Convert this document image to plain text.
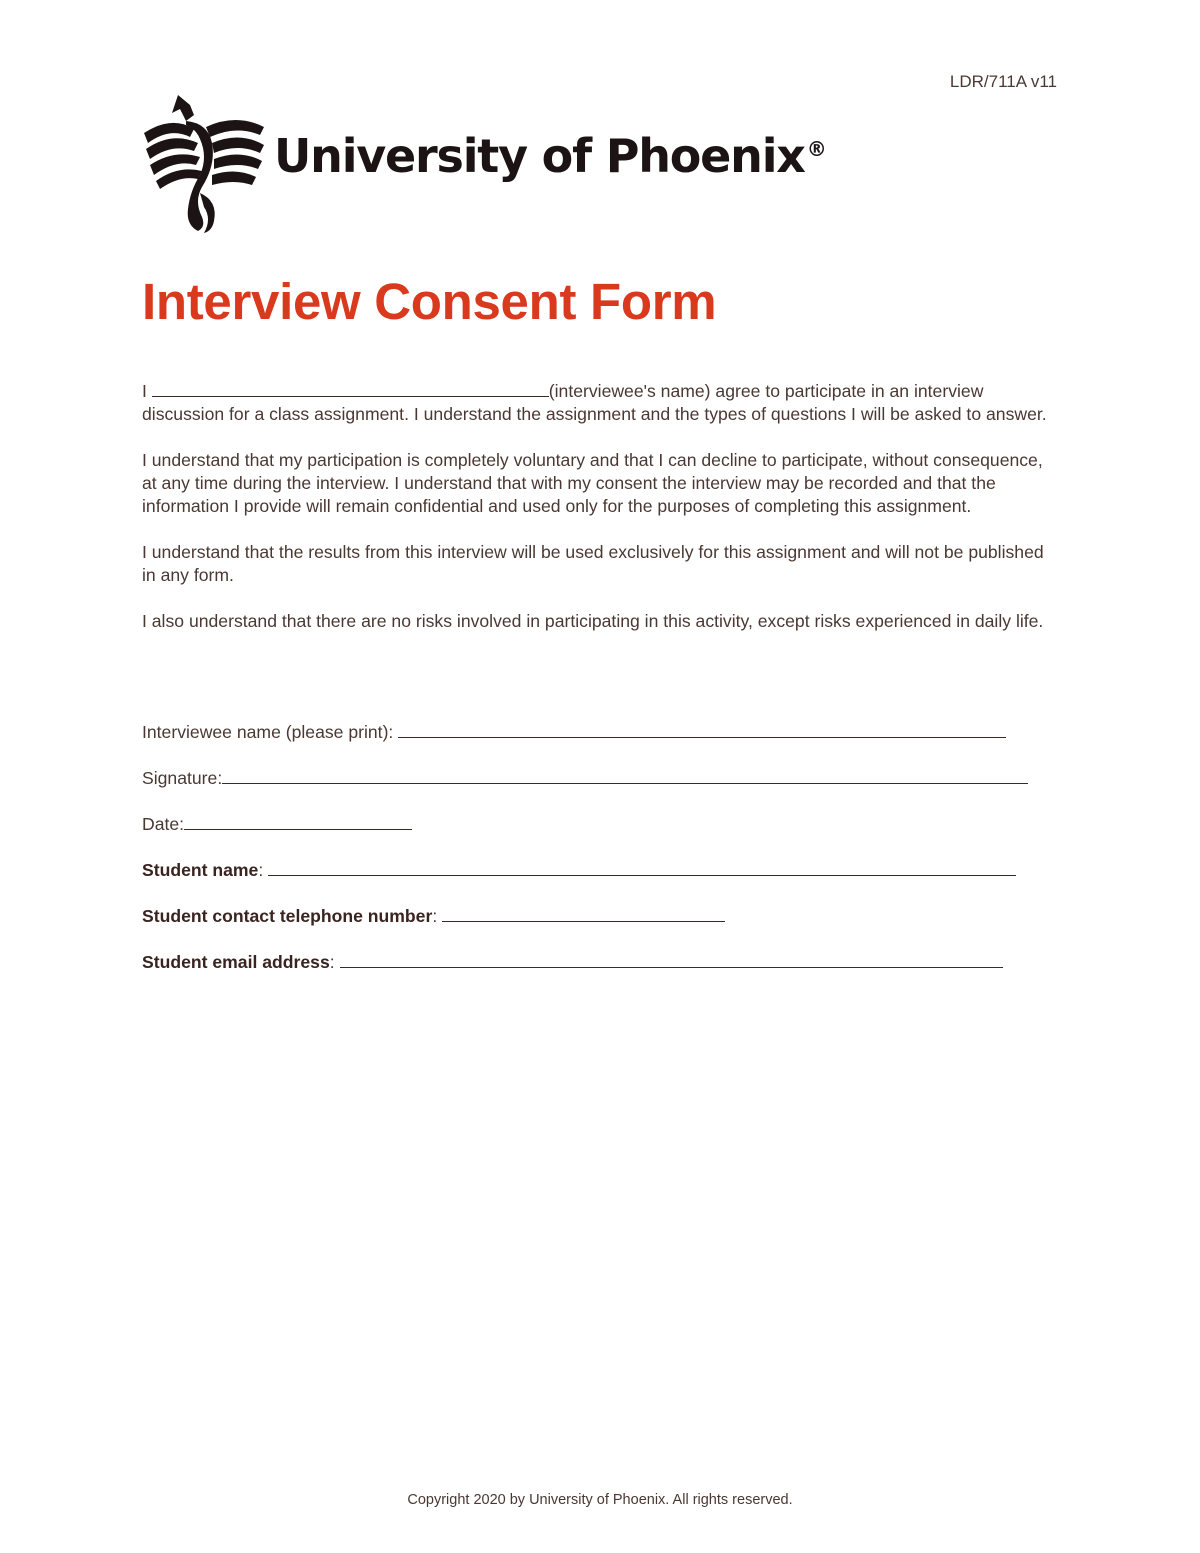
LDR/711A v11
University of Phoenix ®
Interview Consent Form

I	(interviewee's name) agree to participate in an interview discussion for a class assignment. I understand the assignment and the types of questions I will be asked to answer.

I understand that my participation is completely voluntary and that I can decline to participate, without consequence, at any time during the interview. I understand that with my consent the interview may be recorded and that the information I provide will remain confidential and used only for the purposes of completing this assignment.

I understand that the results from this interview will be used exclusively for this assignment and will not be published in any form.

I also understand that there are no risks involved in participating in this activity, except risks experienced in daily life.

Interviewee name (please print):
Signature:
Date:
Student name:
Student contact telephone number:
Student email address:
Copyright 2020 by University of Phoenix. All rights reserved.
